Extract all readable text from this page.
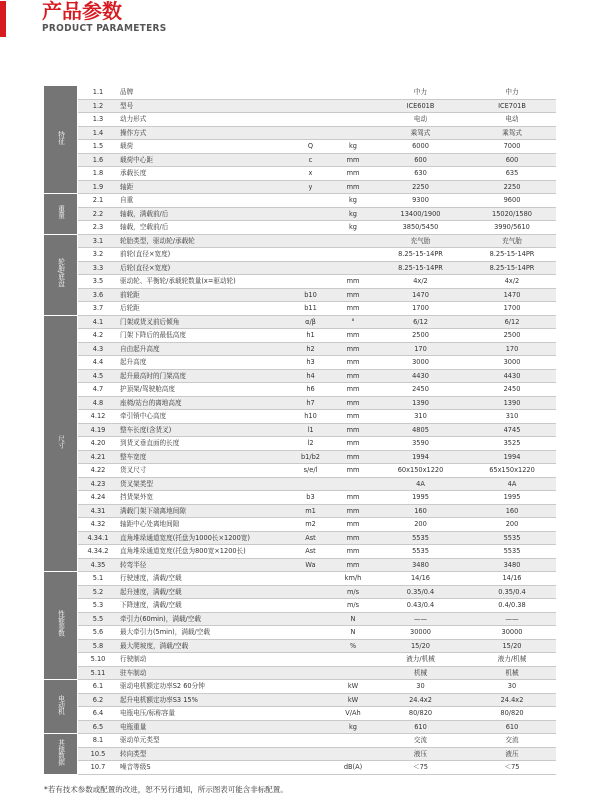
产品参数
PRODUCT PARAMETERS
特征		1.1	品牌			中力	中力
	1.2	型号			ICE601B	ICE701B
	1.3	动力形式			电动	电动
	1.4	操作方式			乘驾式	乘驾式
	1.5	载荷	Q	kg	6000	7000
	1.6	载荷中心距	c	mm	600	600
	1.8	承载长度	x	mm	630	635
	1.9	轴距	y	mm	2250	2250
重量		2.1	自重		kg	9300	9600
	2.2	轴载，满载前/后		kg	13400/1900	15020/1580
	2.3	轴载，空载前/后		kg	3850/5450	3990/5610
轮胎/底盘		3.1	轮胎类型，驱动轮/承载轮			充气胎	充气胎
	3.2	前轮(直径×宽度)			8.25-15-14PR	8.25-15-14PR
	3.3	后轮(直径×宽度)			8.25-15-14PR	8.25-15-14PR
	3.5	驱动轮、平衡轮/承载轮数量(x=驱动轮)		mm	4x/2	4x/2
	3.6	前轮距	b10	mm	1470	1470
	3.7	后轮距	b11	mm	1700	1700
尺寸		4.1	门架或货叉前后倾角	α/β	°	6/12	6/12
	4.2	门架下降后的最低高度	h1	mm	2500	2500
	4.3	自由起升高度	h2	mm	170	170
	4.4	起升高度	h3	mm	3000	3000
	4.5	起升最高时的门架高度	h4	mm	4430	4430
	4.7	护顶架/驾驶舱高度	h6	mm	2450	2450
	4.8	座椅/站台的离地高度	h7	mm	1390	1390
	4.12	牵引销中心高度	h10	mm	310	310
	4.19	整车长度(含货叉)	l1	mm	4805	4745
	4.20	到货叉垂直面的长度	l2	mm	3590	3525
	4.21	整车宽度	b1/b2	mm	1994	1994
	4.22	货叉尺寸	s/e/l	mm	60x150x1220	65x150x1220
	4.23	货叉架类型			4A	4A
	4.24	挡货架外宽	b3	mm	1995	1995
	4.31	满载门架下端离地间隙	m1	mm	160	160
	4.32	轴距中心处离地间隙	m2	mm	200	200
	4.34.1	直角堆垛通道宽度(托盘为1000长×1200宽)	Ast	mm	5535	5535
	4.34.2	直角堆垛通道宽度(托盘为800宽×1200长)	Ast	mm	5535	5535
	4.35	转弯半径	Wa	mm	3480	3480
性能参数		5.1	行驶速度，满载/空载		km/h	14/16	14/16
	5.2	起升速度，满载/空载		m/s	0.35/0.4	0.35/0.4
	5.3	下降速度，满载/空载		m/s	0.43/0.4	0.4/0.38
	5.5	牵引力(60min)，满载/空载		N	——	——
	5.6	最大牵引力(5min)，满载/空载		N	30000	30000
	5.8	最大爬坡度，满载/空载		%	15/20	15/20
	5.10	行驶制动			液力/机械	液力/机械
	5.11	驻车制动			机械	机械
电动机		6.1	驱动电机额定功率S2 60分钟		kW	30	30
	6.2	起升电机额定功率S3 15%		kW	24.4x2	24.4x2
	6.4	电瓶电压/标称容量		V/Ah	80/820	80/820
	6.5	电瓶重量		kg	610	610
其他数据		8.1	驱动单元类型			交流	交流
	10.5	转向类型			液压	液压
	10.7	噪音等级S		dB(A)	＜75	＜75
*若有技术参数或配置的改进，恕不另行通知，所示图表可能含非标配置。
